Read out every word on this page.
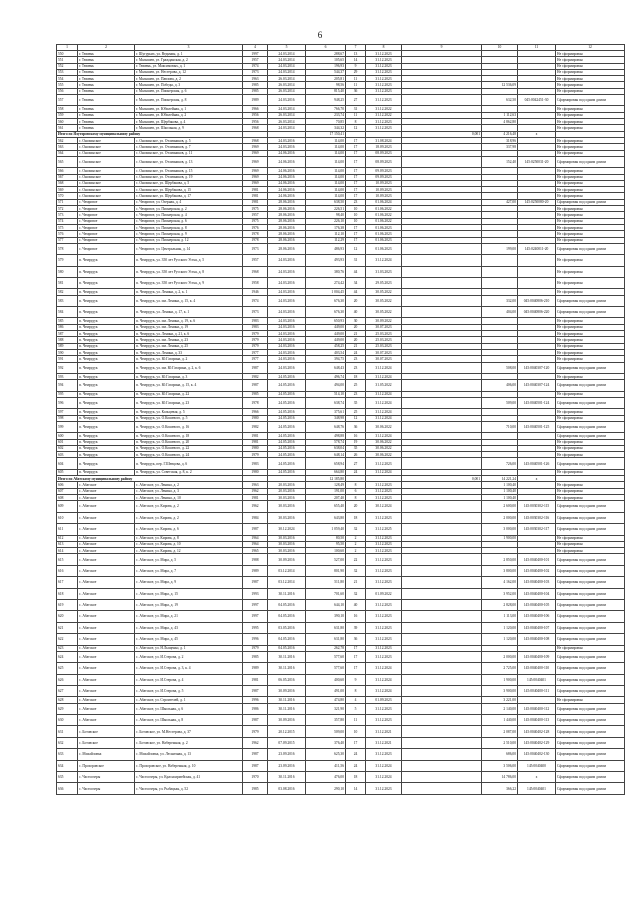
6
1	2	3	4	5	6	7	8	9	10	11	12
550	г. Тюмень	г. Шугурьих, ул. Ведьмин, д. 1	1997	24.03.2014	288,67	13	31.12.2023				Не сформирован
551	г. Тюмень	г. Малышев, ул. Гражданская, д. 2	1957	24.03.2014	105,65	14	31.12.2023				Не сформирован
552	г. Тюмень	г. Тюмень, ул. Максимовых, д. 1	1974	24.03.2014	196,93	9	31.12.2023				Не сформирован
553	г. Тюмень	г. Малышев, ул. Нестерова, д. 12	1973	24.03.2014	544,37	29	31.12.2023				Не сформирован
554	г. Тюмень	г. Малышев, ул. Павлова, д. 2	1963	26.03.2014	205,81	11	31.12.2023				Не сформирован
555	г. Тюмень	г. Малышев, ул. Победы, д. 3	1985	26.03.2014	98,56	11	31.12.2023		12 536,09		Не сформирован
556	г. Тюмень	г. Малышев, ул. Пионерская, д. 6	1985	26.03.2014	815,40	36	31.12.2023				Не сформирован
557	г. Тюмень	г. Малышев, ул. Пионерская, д. 8	1989	24.03.2016	948,25	27	31.12.2023		632,50	045:0042451-30	Сформирован под одним домом
558	г. Тюмень	г. Малышев, ул. Юбилейная, д. 1	1966	24.03.2014	766,70	31	31.12.2022				Не сформирован
559	г. Тюмень	г. Малышев, ул. Юбилейная, д. 2	1956	26.03.2014	233,74	11	31.12.2022		1 112,63		Не сформирован
560	г. Тюмень	г. Малышев, ул. Щербакова, д. 4	1956	26.03.2014	70,85	8	31.12.2023		4 862,80		Не сформирован
561	г. Тюмень	г. Малышев, ул. Школьная, д. 9	1968	24.03.2014	344,32	12	31.12.2023				Не сформирован
Итого по Ялуторовскому муниципальному району					17 150,41			0,001	4 216,48	х	
562	с. Онохинское	с. Онохинское, ул. Отличников, д. 5	1968	24.03.2016	114,00	17	31.08.2024		318,96		Не сформирован
563	с. Онохинское	с. Онохинское, ул. Отличников, д. 7	1969	24.03.2016	114,00	17	18.09.2023		337,98		Не сформирован
564	с. Онохинское	с. Онохинское, ул. Отличников, д. 11	1969	24.06.2016	114,00	17	08.09.2023				Не сформирован
565	с. Онохинское	с. Онохинское, ул. Отличников, д. 13	1969	24.06.2016	114,00	17	08.09.2023		152,40	145:0250031-20	Сформирован под одним домом
566	с. Онохинское	с. Онохинское, ул. Отличников, д. 15	1969	24.06.2016	114,00	17	09.09.2023				Не сформирован
567	с. Онохинское	с. Онохинское, ул. Отличников, д. 19	1969	24.06.2016	114,00	17	09.09.2023				Не сформирован
568	с. Онохинское	с. Онохинское, ул. Щербакова, д. 5	1969	24.06.2016	114,00	17	10.09.2023				Не сформирован
569	с. Онохинское	с. Онохинское, ул. Щербакова, д. 15	1981	24.06.2016	114,00	17	10.09.2023				Не сформирован
570	с. Онохинское	с. Онохинское, ул. Щербакова, д. 17	1981	24.06.2016	114,00	17	10.09.2023				Не сформирован
571	с. Чемровое	с. Чемровое, ул. Озерная, д. 4	1981	28.06.2016	638,50	23	01.06.2024		427,00	145:0250080-20	Сформирован под одним домом
572	с. Чемровое	с. Чемровое, ул. Пионерская, д. 2	1975	28.06.2016	226,51	10	01.06.2022				Не сформирован
573	с. Чемровое	с. Чемровое, ул. Пионерская, д. 4	1957	28.06.2016	98,40	10	01.06.2022				Не сформирован
574	с. Чемровое	с. Чемровое, ул. Пионерская, д. 6	1975	28.06.2016	226,10	10	01.06.2022				Не сформирован
575	с. Чемровое	с. Чемровое, ул. Пионерская, д. 8	1976	28.06.2016	176,38	17	01.06.2023				Не сформирован
576	с. Чемровое	с. Чемровое, ул. Пионерская, д. 9	1978	28.06.2016	112,10	17	01.06.2023				Не сформирован
577	с. Чемровое	с. Чемровое, ул. Пионерская, д. 12	1978	28.06.2016	112,29	17	01.06.2023				Не сформирован
578	с. Чемровое	с. Чемровое, ул. Центральная, д. 14	1973	28.06.2016	486,93	12	01.06.2023		199,00	145:0240011-20	Сформирован под одним домом
579	п. Чемрудук	п. Чемрудук, ул. 350 лет Русского Устья, д. 5	1957	24.03.2016	493,93	31	31.12.2024				Не сформирован
580	п. Чемрудук	п. Чемрудук, ул. 350 лет Русского Устья, д. 8	1968	24.03.2016	380,76	44	31.03.2023				Не сформирован
581	п. Чемрудук	п. Чемрудук, ул. 350 лет Русского Устья, д. 9	1958	24.03.2016	274,42	34	29.05.2023				Не сформирован
582	п. Чемрудук	п. Чемрудук, ул. Ленина, д. 2, к. 1	1946	24.03.2016	1 004,45	44	30.05.2022				Не сформирован
583	п. Чемрудук	п. Чемрудук, ул. им. Ленина, д. 15, к. 4	1974	24.03.2016	676,30	20	30.05.2022		332,00	045:0040806-210	Сформирован под одним домом
584	п. Чемрудук	п. Чемрудук, ул. Ленина, д. 17, к. 1	1973	24.03.2016	676,30	40	30.05.2022		404,00	045:0040806-220	Сформирован под одним домом
585	п. Чемрудук	п. Чемрудук, ул. им. Ленина, д. 19, к. 6	1983	24.03.2016	650,93	30	30.09.2022				Не сформирован
586	п. Чемрудук	п. Чемрудук, ул. им. Ленина, д. 19	1983	24.03.2016	449,00	20	30.07.2023				Не сформирован
587	п. Чемрудук	п. Чемрудук, ул. Ленина, д. 21, к. 6	1979	24.03.2016	449,00	21	25.03.2023				Не сформирован
588	п. Чемрудук	п. Чемрудук, ул. им. Ленина, д. 23	1979	24.03.2016	449,00	20	25.03.2023				Не сформирован
589	п. Чемрудук	п. Чемрудук, ул. им. Ленина, д. 25	1979	24.03.2016	458,25	21	25.03.2023				Не сформирован
590	п. Чемрудук	п. Чемрудук, ул. Ленина, д. 33	1977	24.03.2016	403,54	24	30.07.2023				Не сформирован
591	п. Чемрудук	п. Чемрудук, ул. Ю.Гагарина, д. 2	1977	24.03.2016	394,75	23	30.07.2023				Не сформирован
592	п. Чемрудук	п. Чемрудук, ул. им. Ю.Гагарина, д. 2, к. 6	1987	24.03.2016	648,43	23	31.12.2024		508,00	145:0040307-120	Сформирован под одним домом
593	п. Чемрудук	п. Чемрудук, ул. Ю.Гагарина, д. 3	1982	24.05.2016	496,74	18	31.12.2024				Не сформирован
594	п. Чемрудук	п. Чемрудук, ул. Ю.Гагарина, д. 15, к. 4	1987	24.05.2016	494,00	25	31.05.2022		406,00	145:0040307-124	Сформирован под одним домом
595	п. Чемрудук	п. Чемрудук, ул. Ю.Гагарина, д. 22	1985	24.05.2016	514,10	23	31.12.2024				Не сформирован
596	п. Чемрудук	п. Чемрудук, ул. Ю.Гагарина, д. 23	1978	24.05.2016	638,74	35	31.12.2024		509,00	145:0040501-124	Сформирован под одним домом
597	п. Чемрудук	п. Чемрудук, ул. Кольцевая, д. 5	1966	24.05.2016	375,61	25	31.12.2024				Не сформирован
598	п. Чемрудук	п. Чемрудук, ул. О.Кошевого, д. 5	1980	24.05.2016	348,98	12	31.12.2024				Не сформирован
599	п. Чемрудук	п. Чемрудук, ул. О.Кошевого, д. 16	1982	24.05.2016	648,76	36	30.06.2022		710,00	145:0040501-125	Сформирован под одним домом
600	п. Чемрудук	п. Чемрудук, ул. О.Кошевого, д. 18	1981	24.05.2016	498,88	16	31.12.2024				Сформирован под одним домом
601	п. Чемрудук	п. Чемрудук, ул. О.Кошевого, д. 20	1981	24.05.2016	578,74	19	30.06.2022				Не сформирован
602	п. Чемрудук	п. Чемрудук, ул. О.Кошевого, д. 22	1980	24.05.2016	638,04	35	30.06.2022				Не сформирован
603	п. Чемрудук	п. Чемрудук, ул. О.Кошевого, д. 24	1979	24.05.2016	648,14	26	30.06.2022				Не сформирован
604	п. Чемрудук	п. Чемрудук, пер. Г.Шевцова, д. 6	1983	24.05.2016	658,94	27	31.12.2023		726,00	145:0040501-126	Сформирован под одним домом
605	п. Чемрудук	п. Чемрудук, ул. Советская, д. 8, к. 2	1980	24.05.2016	664,80	24	31.12.2024				Не сформирован
Итого по Абатскому муниципальному району					12 185,80			0,001	14 221,24	х	
606	с. Абатское	с. Абатское, ул. Ленина, д. 2	1963	20.03.2016	128,49	8	31.12.2023		1 100,40		Не сформирован
607	с. Абатское	с. Абатское, ул. Ленина, д. 3	1962	20.03.2016	191,00	6	31.12.2023		1 100,40		Не сформирован
608	с. Абатское	с. Абатское, ул. Ленина, д. 10	1981	30.03.2016	207,40	8	31.12.2023		1 100,40		Не сформирован
609	с. Абатское	с. Абатское, ул. Кирова, д. 2	1962	30.03.2016	655,40	20	30.12.2024		2 600,00	145:0030302-115	Сформирован под одним домом
610	с. Абатское	с. Абатское, ул. Кирова, д. 2	1984	30.03.2016	643,80	18	31.12.2023		2 000,00	145:0030302-116	Сформирован под одним домом
611	с. Абатское	с. Абатское, ул. Кирова, д. 6	1987	30.12.2024	1 059,40	32	31.12.2025		3 000,00	145:0030302-117	Сформирован под одним домом
612	с. Абатское	с. Абатское, ул. Кирова, д. 8	1964	30.03.2016	80,50	2	31.12.2023		1 900,00		Не сформирован
613	с. Абатское	с. Абатское, ул. Кирова, д. 10	1964	30.03.2016	95,50	2	31.12.2023				Не сформирован
614	с. Абатское	с. Абатское, ул. Кирова, д. 12	1965	30.03.2016	100,60	2	31.12.2023				Не сформирован
615	с. Абатское	с. Абатское, ул. Мира, д. 5	1988	30.09.2016	527,00	22	31.12.2023		2 850,00	145:0040400-101	Сформирован под одним домом
616	с. Абатское	с. Абатское, ул. Мира, д. 7	1989	03.12.2014	801,90	32	31.12.2023		3 800,00	145:0040400-102	Сформирован под одним домом
617	с. Абатское	с. Абатское, ул. Мира, д. 9	1987	03.12.2014	511,80	21	31.12.2023		4 162,00	145:0040400-103	Сформирован под одним домом
618	с. Абатское	с. Абатское, ул. Мира, д. 15	1993	30.11.2016	701,60	32	01.09.2022		3 952,00	145:0040400-104	Сформирован под одним домом
619	с. Абатское	с. Абатское, ул. Мира, д. 19	1997	04.05.2016	644,10	40	31.12.2023		2 828,00	145:0040400-105	Сформирован под одним домом
620	с. Абатское	с. Абатское, ул. Мира, д. 21	1997	04.05.2016	390,10	16	31.12.2023		1 113,00	145:0040400-106	Сформирован под одним домом
621	с. Абатское	с. Абатское, ул. Мира, д. 43	1995	03.05.2016	631,80	39	31.12.2023		1 120,00	145:0040400-107	Сформирован под одним домом
622	с. Абатское	с. Абатское, ул. Мира, д. 45	1996	04.05.2016	631,80	36	31.12.2023		1 120,00	145:0040400-108	Сформирован под одним домом
623	с. Абатское	с. Абатское, ул. Н.Лыщенко, д. 1	1979	04.05.2016	262,78	17	31.12.2023				Не сформирован
624	с. Абатское	с. Абатское, ул. И.Стерова, д. 2	1985	30.11.2016	577,60	17	31.12.2023		2 000,00	145:0040400-109	Сформирован под одним домом
625	с. Абатское	с. Абатское, ул. И.Стерова, д. 3, к. 4	1989	30.11.2016	577,60	17	31.12.2024		2 725,00	145:0040400-110	Сформирован под одним домом
626	с. Абатское	с. Абатское, ул. И.Стерова, д. 4	1981	06.05.2016	400,60	9	31.12.2024		1 900,00	145:0040401	Сформирован под одним домом
627	с. Абатское	с. Абатское, ул. И.Стерова, д. 5	1987	30.09.2016	491,00	8	31.12.2024		3 900,00	145:0040400-111	Сформирован под одним домом
628	с. Абатское	с. Абатское, ул. Строителей, д. 1	1996	30.11.2016	474,80	4	01.09.2023		3 221,00		Не сформирован
629	с. Абатское	с. Абатское, ул. Школьная, д. 6	1986	30.11.2016	321,90	5	31.12.2023		2 140,00	145:0040400-112	Сформирован под одним домом
630	с. Абатское	с. Абатское, ул. Школьная, д. 8	1987	30.09.2016	357,80	11	31.12.2023		1 440,00	145:0040400-113	Сформирован под одним домом
631	с. Ботовское	с. Ботовское, ул. М.Нестерова, д. 37	1979	20.12.2015	509,00	10	31.12.2021		2 087,00	145:0040402-128	Сформирован под одним домом
632	с. Ботовское	с. Ботовское, ул. Набережная, д. 2	1962	07.09.2015	376,40	17	31.12.2021		2 510,00	145:0040402-129	Сформирован под одним домом
633	с. Михайловка	с. Михайловка, ул. Лесничная, д. 13	1987	23.09.2016	625,30	24	31.12.2023		686,00	145:0040402-130	Сформирован под одним домом
634	с. Прохоровское	с. Прохоровское, ул. Набережная, д. 10	1987	23.09.2016	411,56	24	31.12.2024		3 506,00	145:0040400	Сформирован под одним домом
635	с. Частоозеры	с. Частоозеры, ул. Красноармейская, д. 41	1970	30.11.2016	476,00	18	31.12.2024		14 786,00	х	Сформирован под одним домом
636	с. Частоозеры	с. Частоозеры, ул. Рыбацкая, д. 52	1985	03.08.2016	290,10	14	31.12.2023		366,22	145:0040401	Сформирован под одним домом
